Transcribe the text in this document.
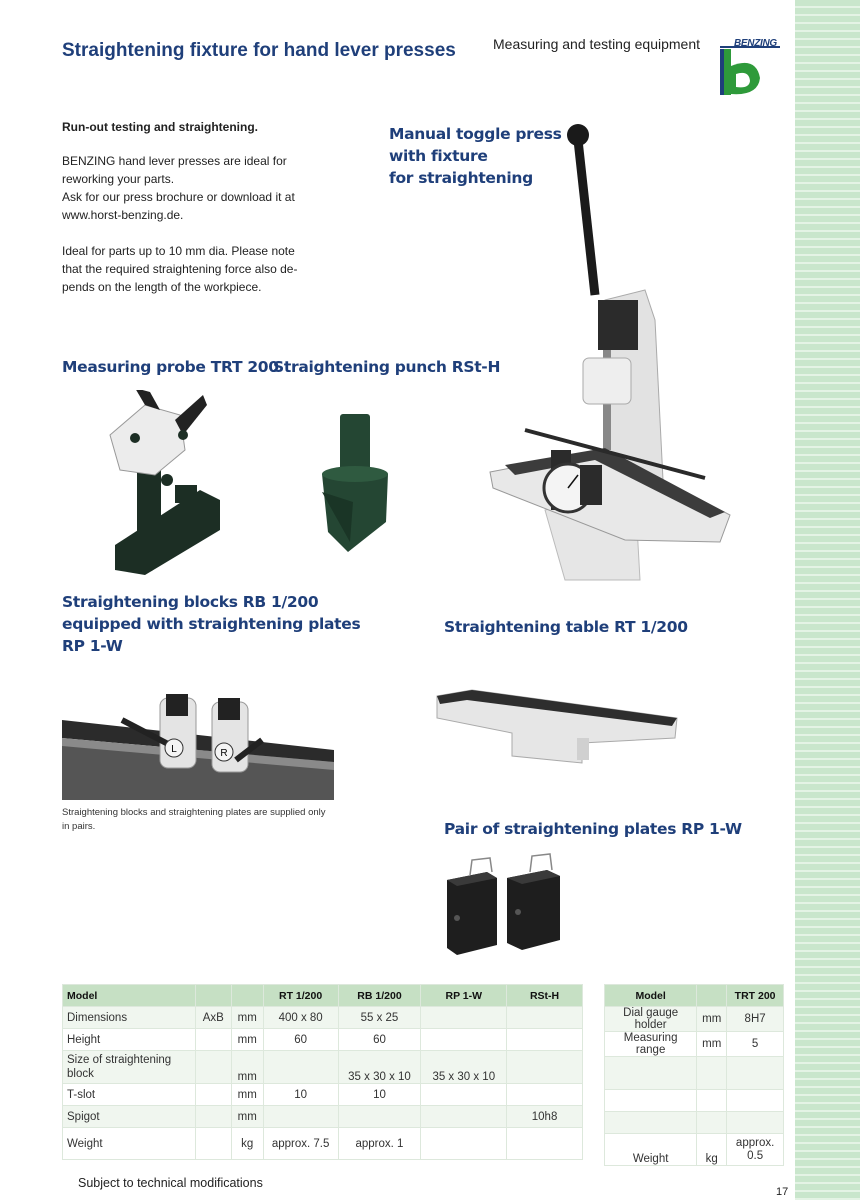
Straightening fixture for hand lever presses	Measuring and testing equipment	BENZING

Run-out testing and straightening.

BENZING hand lever presses are ideal for
reworking your parts.
Ask for our press brochure or download it at
www.horst-benzing.de.

Ideal for parts up to 10 mm dia. Please note
that the required straightening force also de-
pends on the length of the workpiece.

Manual toggle press
with fixture
for straightening
Measuring probe TRT 200
Straightening punch RSt-H
Straightening blocks RB 1/200
equipped with straightening plates
RP 1-W
L	R
Straightening blocks and straightening plates are supplied only
in pairs.
Straightening table RT 1/200
Pair of straightening plates RP 1-W
Model			RT 1/200	RB 1/200	RP 1-W	RSt-H
Dimensions	AxB	mm	400 x 80	55 x 25		
Height		mm	60	60		
Size of straightening block		mm		35 x 30 x 10	35 x 30 x 10	
T-slot		mm	10	10		
Spigot		mm				10h8
Weight		kg	approx. 7.5	approx. 1		
Model		TRT 200
Dial gauge holder	mm	8H7
Measuring range	mm	5

Weight	kg	approx. 0.5
Subject to technical modifications
17
